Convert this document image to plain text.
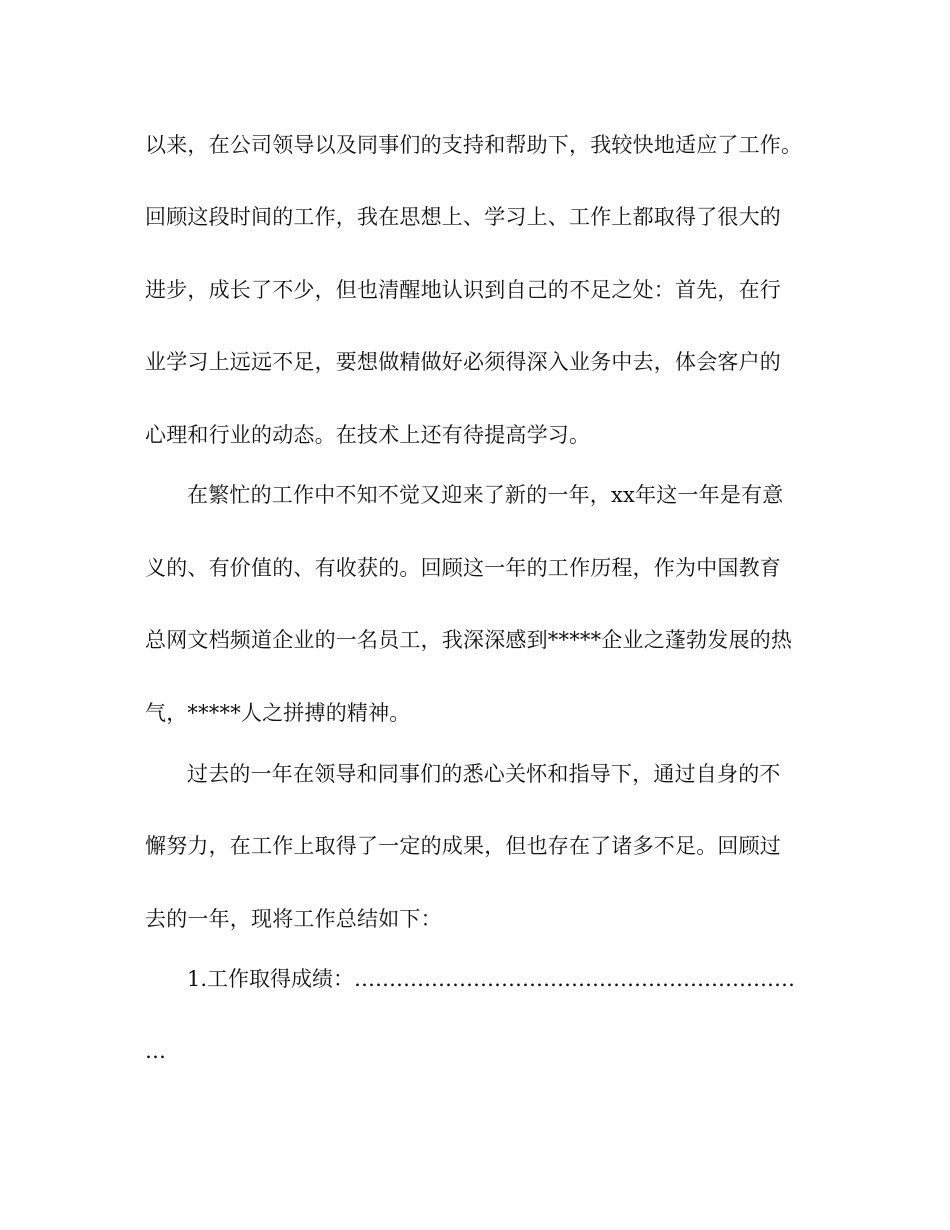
以来，在公司领导以及同事们的支持和帮助下，我较快地适应了工作。
回顾这段时间的工作，我在思想上、学习上、工作上都取得了很大的
进步，成长了不少，但也清醒地认识到自己的不足之处：首先，在行
业学习上远远不足，要想做精做好必须得深入业务中去，体会客户的
心理和行业的动态。在技术上还有待提高学习。
在繁忙的工作中不知不觉又迎来了新的一年，xx年这一年是有意
义的、有价值的、有收获的。回顾这一年的工作历程，作为中国教育
总网文档频道企业的一名员工，我深深感到*****企业之蓬勃发展的热
气，*****人之拼搏的精神。
过去的一年在领导和同事们的悉心关怀和指导下，通过自身的不
懈努力，在工作上取得了一定的成果，但也存在了诸多不足。回顾过
去的一年，现将工作总结如下：
1.工作取得成绩：………………………………………………………
…
